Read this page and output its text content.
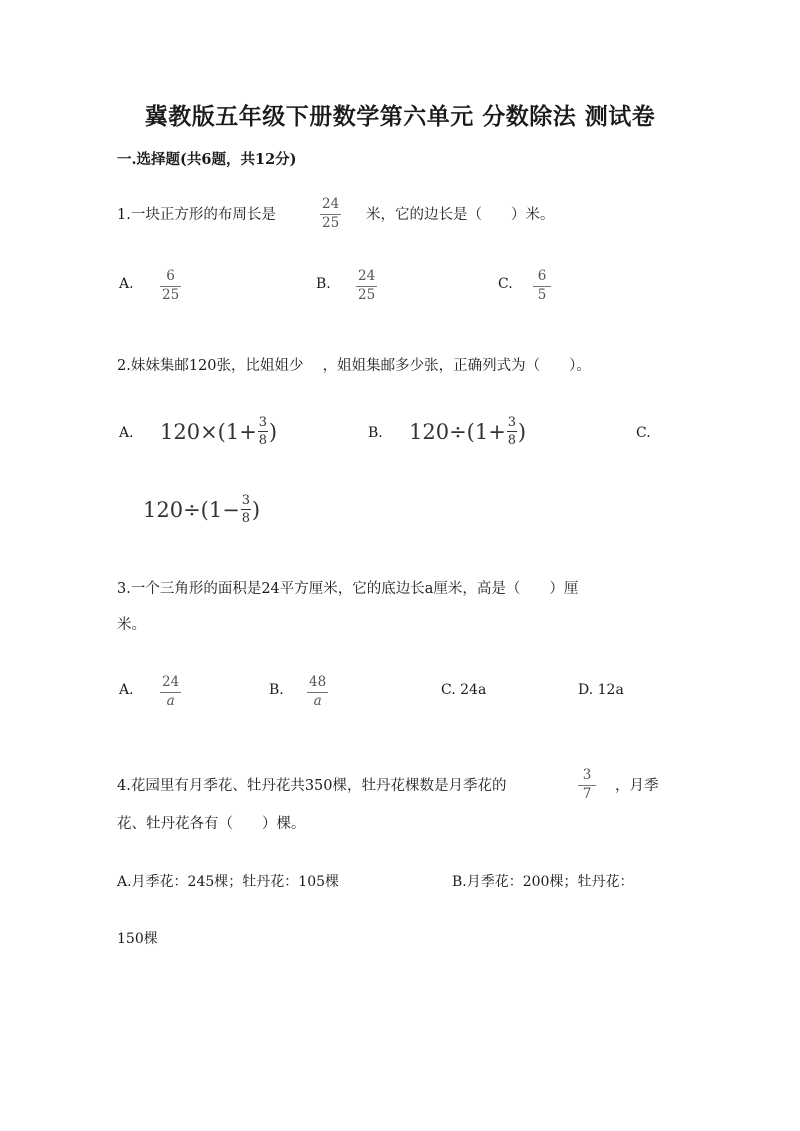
冀教版五年级下册数学第六单元 分数除法 测试卷
一.选择题(共6题，共12分)
1.一块正方形的布周长是
24
25 米，它的边长是（　　）米。
A. 6
25
B. 24
25
C. 6
5
2.妹妹集邮120张，比姐姐少　 ，姐姐集邮多少张，正确列式为（　　）。
A. 120×(1+ 3
8 )	B. 120÷(1+ 3
8 )	C.
120÷(1− 3
8 )
3.一个三角形的面积是24平方厘米，它的底边长a厘米，高是（　　）厘
米。
A. 24
a
B. 48
a
C. 24a	D. 12a
4.花园里有月季花、牡丹花共350棵，牡丹花棵数是月季花的
3
7 ，月季
花、牡丹花各有（　　）棵。
A.月季花：245棵；牡丹花：105棵	B.月季花：200棵；牡丹花：
150棵
